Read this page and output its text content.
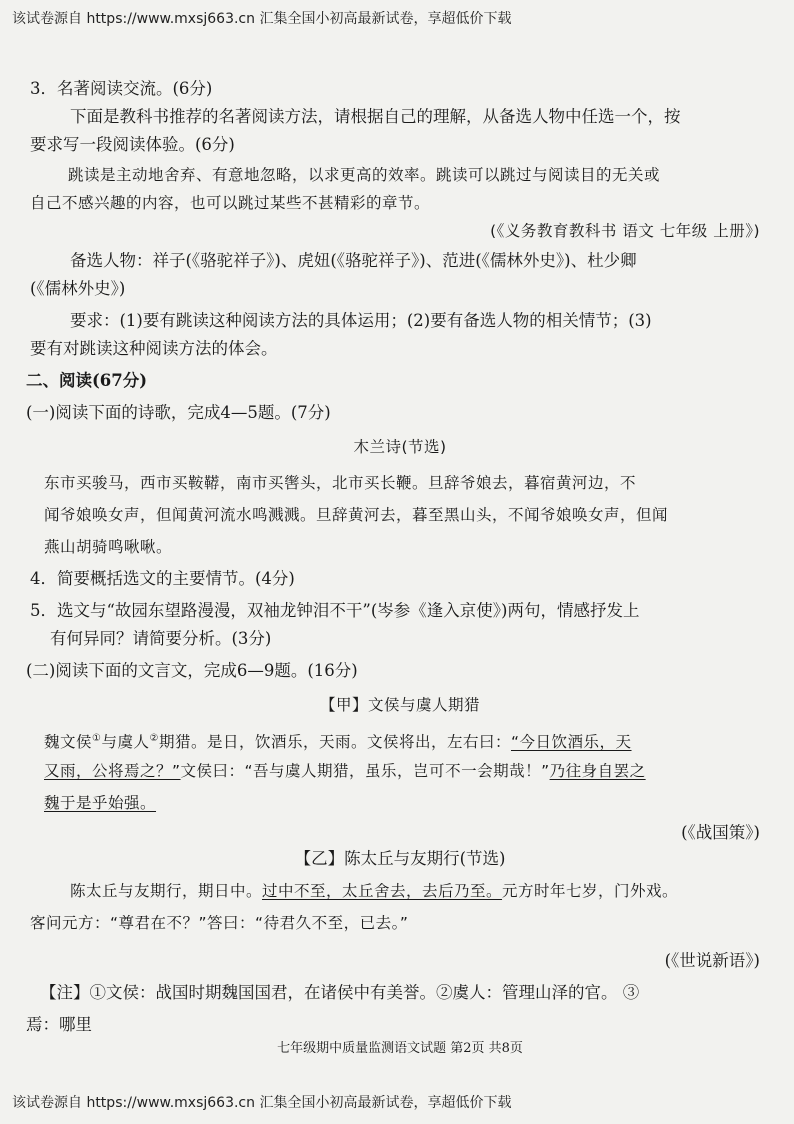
该试卷源自 https://www.mxsj663.cn 汇集全国小初高最新试卷，享超低价下载
3．名著阅读交流。(6分)
下面是教科书推荐的名著阅读方法，请根据自己的理解，从备选人物中任选一个，按
要求写一段阅读体验。(6分)
跳读是主动地舍弃、有意地忽略，以求更高的效率。跳读可以跳过与阅读目的无关或
自己不感兴趣的内容，也可以跳过某些不甚精彩的章节。
(《义务教育教科书 语文 七年级 上册》)
备选人物：祥子(《骆驼祥子》)、虎妞(《骆驼祥子》)、范进(《儒林外史》)、杜少卿
(《儒林外史》)
要求：(1)要有跳读这种阅读方法的具体运用；(2)要有备选人物的相关情节；(3)
要有对跳读这种阅读方法的体会。
二、阅读(67分)
(一)阅读下面的诗歌，完成4—5题。(7分)
木兰诗(节选)
东市买骏马，西市买鞍鞯，南市买辔头，北市买长鞭。旦辞爷娘去，暮宿黄河边，不
闻爷娘唤女声，但闻黄河流水鸣溅溅。旦辞黄河去，暮至黑山头，不闻爷娘唤女声，但闻
燕山胡骑鸣啾啾。
4．简要概括选文的主要情节。(4分)
5．选文与“故园东望路漫漫，双袖龙钟泪不干”(岑参《逢入京使》)两句，情感抒发上
有何异同？请简要分析。(3分)
(二)阅读下面的文言文，完成6—9题。(16分)
【甲】文侯与虞人期猎
魏文侯①与虞人②期猎。是日，饮酒乐，天雨。文侯将出，左右曰：“今日饮酒乐，天
又雨，公将焉之？”文侯曰：“吾与虞人期猎，虽乐，岂可不一会期哉！”乃往身自罢之
魏于是乎始强。
(《战国策》)
【乙】陈太丘与友期行(节选)
陈太丘与友期行，期日中。过中不至，太丘舍去，去后乃至。元方时年七岁，门外戏。
客问元方：“尊君在不？”答曰：“待君久不至，已去。”
(《世说新语》)
【注】①文侯：战国时期魏国国君，在诸侯中有美誉。②虞人：管理山泽的官。 ③
焉：哪里
七年级期中质量监测语文试题 第2页 共8页
该试卷源自 https://www.mxsj663.cn 汇集全国小初高最新试卷，享超低价下载
